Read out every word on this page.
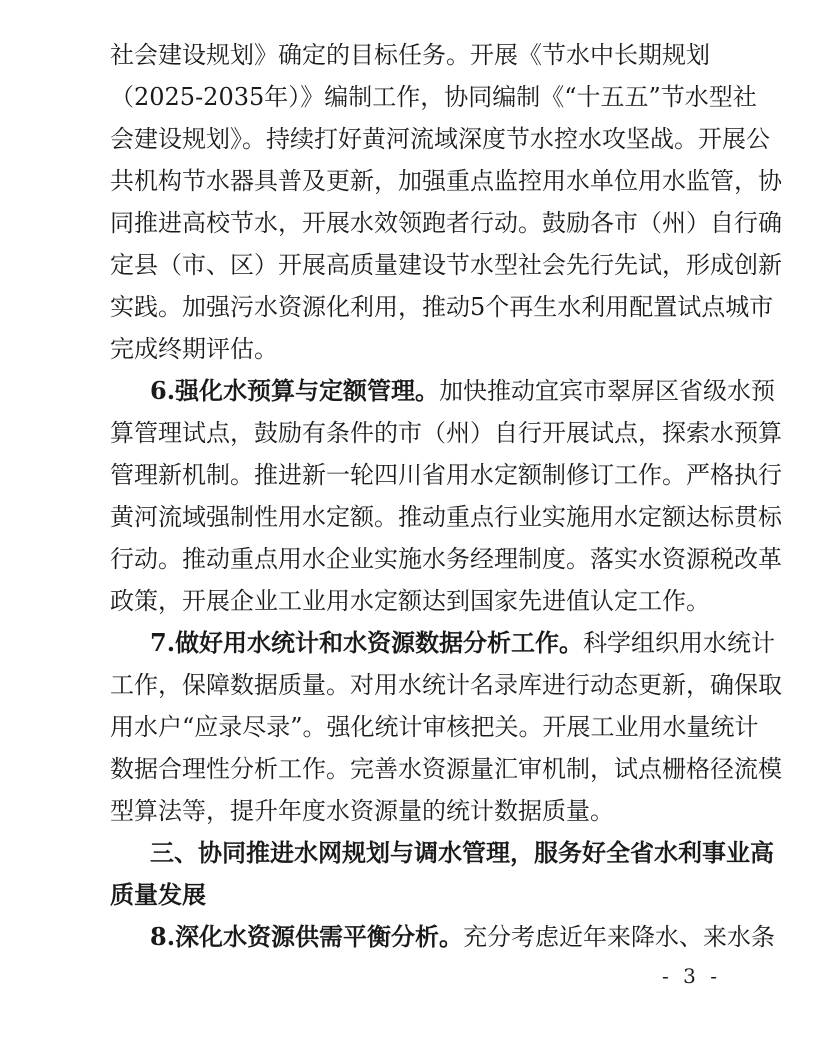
社会建设规划》确定的目标任务。开展《节水中长期规划
（2025-2035年）》编制工作，协同编制《“十五五”节水型社
会建设规划》。持续打好黄河流域深度节水控水攻坚战。开展公
共机构节水器具普及更新，加强重点监控用水单位用水监管，协
同推进高校节水，开展水效领跑者行动。鼓励各市（州）自行确
定县（市、区）开展高质量建设节水型社会先行先试，形成创新
实践。加强污水资源化利用，推动5个再生水利用配置试点城市
完成终期评估。
6.强化水预算与定额管理。加快推动宜宾市翠屏区省级水预
算管理试点，鼓励有条件的市（州）自行开展试点，探索水预算
管理新机制。推进新一轮四川省用水定额制修订工作。严格执行
黄河流域强制性用水定额。推动重点行业实施用水定额达标贯标
行动。推动重点用水企业实施水务经理制度。落实水资源税改革
政策，开展企业工业用水定额达到国家先进值认定工作。
7.做好用水统计和水资源数据分析工作。科学组织用水统计
工作，保障数据质量。对用水统计名录库进行动态更新，确保取
用水户“应录尽录”。强化统计审核把关。开展工业用水量统计
数据合理性分析工作。完善水资源量汇审机制，试点栅格径流模
型算法等，提升年度水资源量的统计数据质量。
三、协同推进水网规划与调水管理，服务好全省水利事业高
质量发展
8.深化水资源供需平衡分析。充分考虑近年来降水、来水条
- 3 -
